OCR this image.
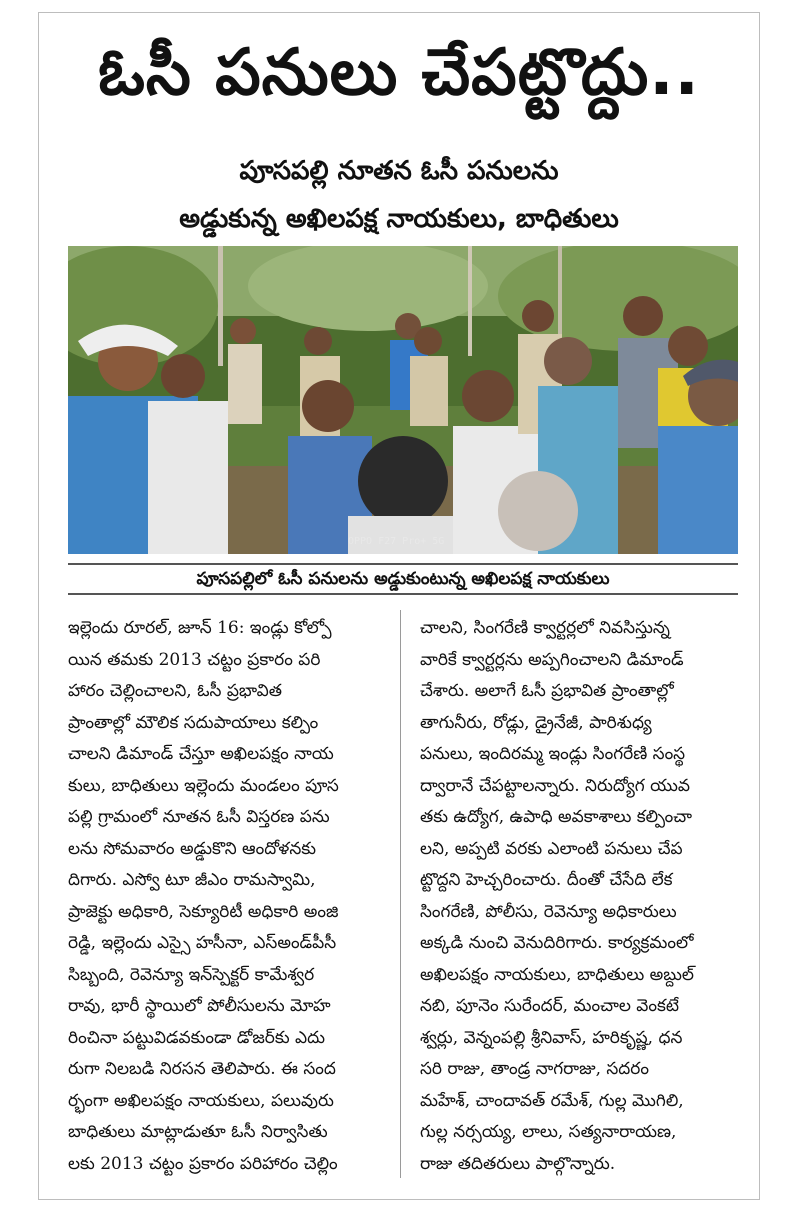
ఓసీ పనులు చేపట్టొద్దు..
పూసపల్లి నూతన ఓసీ పనులను
అడ్డుకున్న అఖిలపక్ష నాయకులు, బాధితులు
OPPO F27 Pro+ 5G
పూసపల్లిలో ఓసీ పనులను అడ్డుకుంటున్న అఖిలపక్ష నాయకులు
ఇల్లెందు రూరల్, జూన్ 16: ఇండ్లు కోల్పో
యిన తమకు 2013 చట్టం ప్రకారం పరి
హారం చెల్లించాలని, ఓసీ ప్రభావిత
ప్రాంతాల్లో మౌలిక సదుపాయాలు కల్పిం
చాలని డిమాండ్ చేస్తూ అఖిలపక్షం నాయ
కులు, బాధితులు ఇల్లెందు మండలం పూస
పల్లి గ్రామంలో నూతన ఓసీ విస్తరణ పను
లను సోమవారం అడ్డుకొని ఆందోళనకు
దిగారు. ఎస్వో టూ జీఎం రామస్వామి,
ప్రాజెక్టు అధికారి, సెక్యూరిటీ అధికారి అంజి
రెడ్డి, ఇల్లెందు ఎస్సై హసీనా, ఎస్అండ్‌పీసీ
సిబ్బంది, రెవెన్యూ ఇన్‌స్పెక్టర్ కామేశ్వర
రావు, భారీ స్థాయిలో పోలీసులను మోహ
రించినా పట్టువిడవకుండా డోజర్‌కు ఎదు
రుగా నిలబడి నిరసన తెలిపారు. ఈ సంద
ర్భంగా అఖిలపక్షం నాయకులు, పలువురు
బాధితులు మాట్లాడుతూ ఓసీ నిర్వాసితు
లకు 2013 చట్టం ప్రకారం పరిహారం చెల్లిం
చాలని, సింగరేణి క్వార్టర్లలో నివసిస్తున్న
వారికే క్వార్టర్లను అప్పగించాలని డిమాండ్
చేశారు. అలాగే ఓసీ ప్రభావిత ప్రాంతాల్లో
తాగునీరు, రోడ్లు, డ్రైనేజీ, పారిశుధ్య
పనులు, ఇందిరమ్మ ఇండ్లు సింగరేణి సంస్థ
ద్వారానే చేపట్టాలన్నారు. నిరుద్యోగ యువ
తకు ఉద్యోగ, ఉపాధి అవకాశాలు కల్పించా
లని, అప్పటి వరకు ఎలాంటి పనులు చేప
ట్టొద్దని హెచ్చరించారు. దీంతో చేసేది లేక
సింగరేణి, పోలీసు, రెవెన్యూ అధికారులు
అక్కడి నుంచి వెనుదిరిగారు. కార్యక్రమంలో
అఖిలపక్షం నాయకులు, బాధితులు అబ్దుల్
నబి, పూనెం సురేందర్, మంచాల వెంకటే
శ్వర్లు, వెన్నంపల్లి శ్రీనివాస్, హరికృష్ణ, ధన
సరి రాజు, తాండ్ర నాగరాజు, సదరం
మహేశ్, చాందావత్ రమేశ్, గుల్ల మొగిలి,
గుల్ల నర్సయ్య, లాలు, సత్యనారాయణ,
రాజు తదితరులు పాల్గొన్నారు.
